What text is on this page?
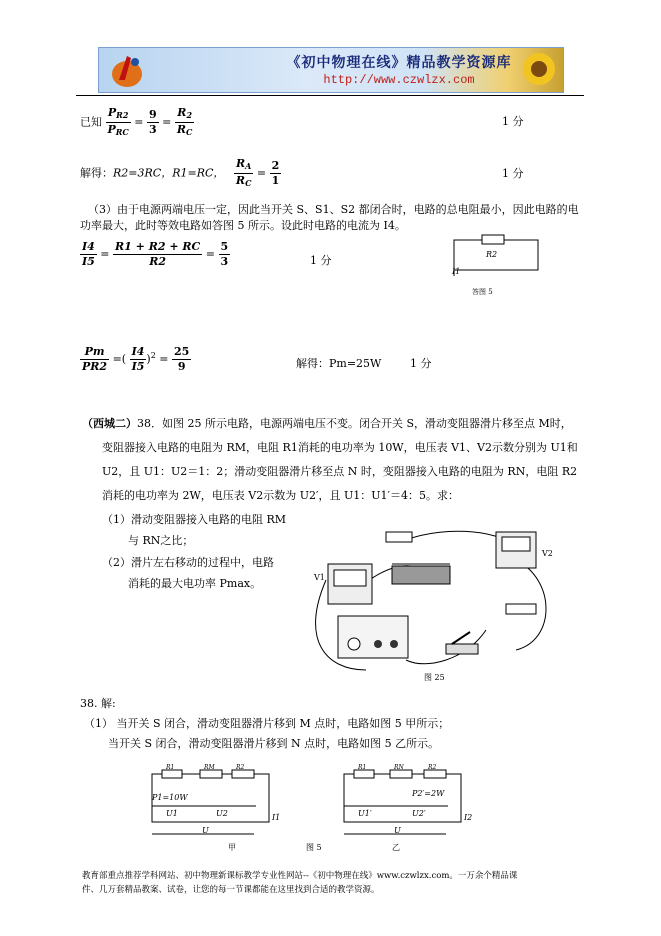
《初中物理在线》精品教学资源库
http://www.czwlzx.com
已知 $\frac{P_{R2}}{P_{RC}} = \frac{9}{3} = \frac{R_2}{R_C}$	1 分
解得：R2=3RC，R1=RC， $\frac{R_A}{R_C} = \frac{2}{1}$	1 分
（3）由于电源两端电压一定，因此当开关 S、S1、S2 都闭合时，电路的总电阻最小，因此电路的电
功率最大，此时等效电路如答图 5 所示。设此时电路的电流为 I4。
$\frac{I4}{I5} = \frac{R1 + R2 + RC}{R2} = \frac{5}{3}$	1 分	R2
I1
答图 5
$\frac{Pm}{PR2}$ =( $\frac{I4}{I5} )^2 = \frac{25}{9}$	解得：Pm=25W	1 分
（西城二）38．如图 25 所示电路，电源两端电压不变。闭合开关 S，滑动变阻器滑片移至点 M时，
变阻器接入电路的电阻为 RM，电阻 R1消耗的电功率为 10W，电压表 V1、V2示数分别为 U1和
U2，且 U1：U2＝1：2；滑动变阻器滑片移至点 N 时，变阻器接入电路的电阻为 RN，电阻 R2
消耗的电功率为 2W，电压表 V2示数为 U2′，且 U1：U1′＝4：5。求：
（1）滑动变阻器接入电路的电阻 RM
与 RN之比；
（2）滑片左右移动的过程中，电路
消耗的最大电功率 Pmax。	V1
V2
图 25
38. 解:
（1） 当开关 S 闭合，滑动变阻器滑片移到 M 点时，电路如图 5 甲所示；
当开关 S 闭合，滑动变阻器滑片移到 N 点时，电路如图 5 乙所示。
R1	RM	R2
P1=10W
U1	U2
U
I1
甲
R1	RN	R2
P2′=2W
U1′	U2′
U
I2
乙
图 5
教育部重点推荐学科网站、初中物理新课标教学专业性网站--《初中物理在线》www.czwlzx.com。一万余个精品课
件、几万套精品教案、试卷，让您的每一节课都能在这里找到合适的教学资源。
